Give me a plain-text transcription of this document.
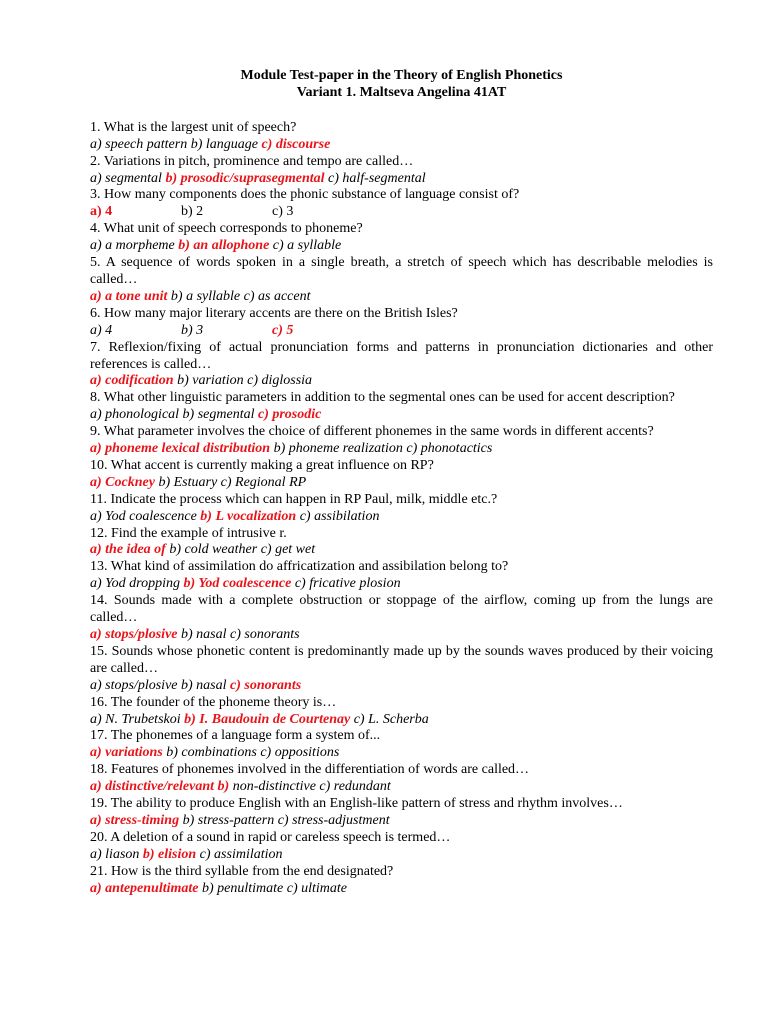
Module Test-paper in the Theory of English Phonetics

Variant 1. Maltseva Angelina 41AT

1. What is the largest unit of speech?

a) speech pattern b) language c) discourse

2. Variations in pitch, prominence and tempo are called…

a) segmental b) prosodic/suprasegmental c) half-segmental

3. How many components does the phonic substance of language consist of?

a) 4	b) 2	c) 3

4. What unit of speech corresponds to phoneme?

a) a morpheme b) an allophone c) a syllable

5. A sequence of words spoken in a single breath, a stretch of speech which has describable melodies is called…

a) a tone unit b) a syllable c) as accent

6. How many major literary accents are there on the British Isles?

a) 4	b) 3	c) 5

7. Reflexion/fixing of actual pronunciation forms and patterns in pronunciation dictionaries and other references is called…

a) codification b) variation c) diglossia

8. What other linguistic parameters in addition to the segmental ones can be used for accent description?

a) phonological b) segmental c) prosodic

9. What parameter involves the choice of different phonemes in the same words in different accents?

a) phoneme lexical distribution b) phoneme realization c) phonotactics

10. What accent is currently making a great influence on RP?

a) Cockney b) Estuary c) Regional RP

11. Indicate the process which can happen in RP Paul, milk, middle etc.?

a) Yod coalescence b) L vocalization c) assibilation

12. Find the example of intrusive r.

a) the idea of b) cold weather c) get wet

13. What kind of assimilation do affricatization and assibilation belong to?

a) Yod dropping b) Yod coalescence c) fricative plosion

14. Sounds made with a complete obstruction or stoppage of the airflow, coming up from the lungs are called…

a) stops/plosive b) nasal c) sonorants

15. Sounds whose phonetic content is predominantly made up by the sounds waves produced by their voicing are called…

a) stops/plosive b) nasal c) sonorants

16. The founder of the phoneme theory is…

a) N. Trubetskoi b) I. Baudouin de Courtenay c) L. Scherba

17. The phonemes of a language form a system of...

a) variations b) combinations c) oppositions

18. Features of phonemes involved in the differentiation of words are called…

a) distinctive/relevant b) non-distinctive c) redundant

19. The ability to produce English with an English-like pattern of stress and rhythm involves…

a) stress-timing b) stress-pattern c) stress-adjustment

20. A deletion of a sound in rapid or careless speech is termed…

a) liason b) elision c) assimilation

21. How is the third syllable from the end designated?

a) antepenultimate b) penultimate c) ultimate
